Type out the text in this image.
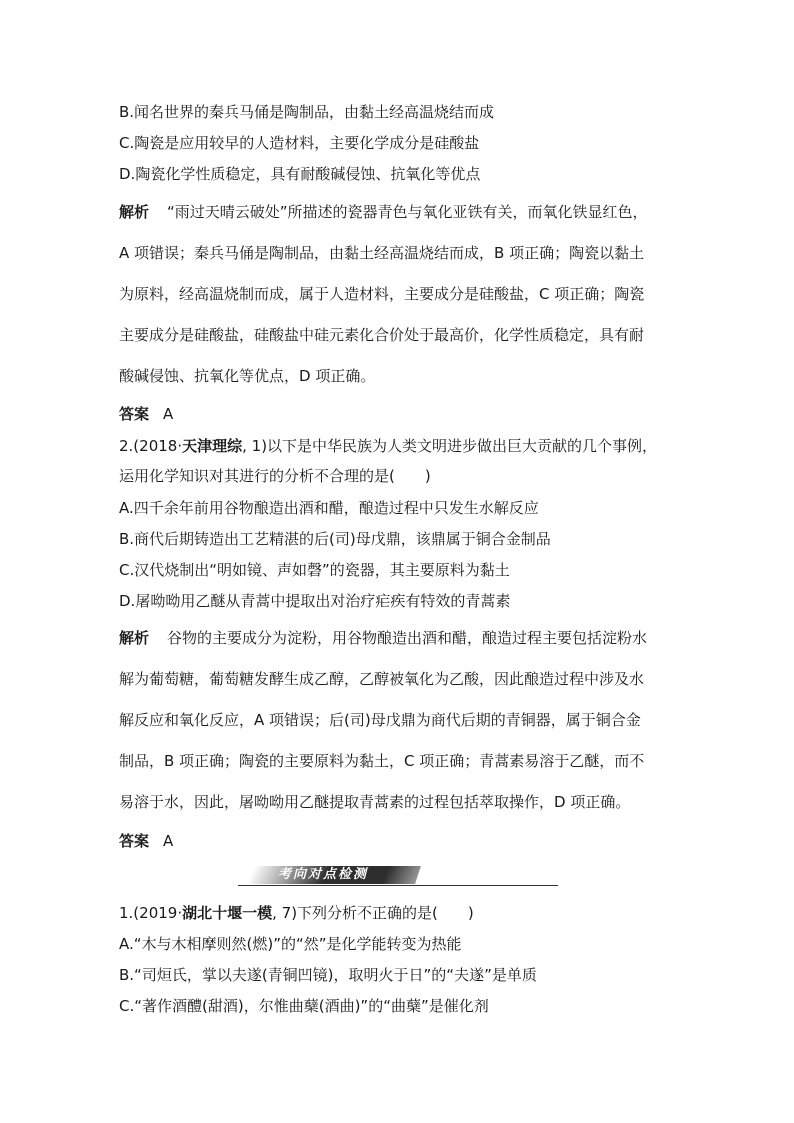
B.闻名世界的秦兵马俑是陶制品，由黏土经高温烧结而成
C.陶瓷是应用较早的人造材料，主要化学成分是硅酸盐
D.陶瓷化学性质稳定，具有耐酸碱侵蚀、抗氧化等优点
解析 “雨过天晴云破处”所描述的瓷器青色与氧化亚铁有关，而氧化铁显红色，
A 项错误；秦兵马俑是陶制品，由黏土经高温烧结而成，B 项正确；陶瓷以黏土
为原料，经高温烧制而成，属于人造材料，主要成分是硅酸盐，C 项正确；陶瓷
主要成分是硅酸盐，硅酸盐中硅元素化合价处于最高价，化学性质稳定，具有耐
酸碱侵蚀、抗氧化等优点，D 项正确。
答案 A
2.(2018·天津理综, 1)以下是中华民族为人类文明进步做出巨大贡献的几个事例，
运用化学知识对其进行的分析不合理的是(　　)
A.四千余年前用谷物酿造出酒和醋，酿造过程中只发生水解反应
B.商代后期铸造出工艺精湛的后(司)母戊鼎，该鼎属于铜合金制品
C.汉代烧制出“明如镜、声如磬”的瓷器，其主要原料为黏土
D.屠呦呦用乙醚从青蒿中提取出对治疗疟疾有特效的青蒿素
解析 谷物的主要成分为淀粉，用谷物酿造出酒和醋，酿造过程主要包括淀粉水
解为葡萄糖，葡萄糖发酵生成乙醇，乙醇被氧化为乙酸，因此酿造过程中涉及水
解反应和氧化反应，A 项错误；后(司)母戊鼎为商代后期的青铜器，属于铜合金
制品，B 项正确；陶瓷的主要原料为黏土，C 项正确；青蒿素易溶于乙醚，而不
易溶于水，因此，屠呦呦用乙醚提取青蒿素的过程包括萃取操作，D 项正确。
答案 A
考向对点检测
1.(2019·湖北十堰一模, 7)下列分析不正确的是(　　)
A.“木与木相摩则然(燃)”的“然”是化学能转变为热能
B.“司烜氏，掌以夫遂(青铜凹镜)，取明火于日”的“夫遂”是单质
C.“著作酒醴(甜酒)，尔惟曲蘖(酒曲)”的“曲蘖”是催化剂
